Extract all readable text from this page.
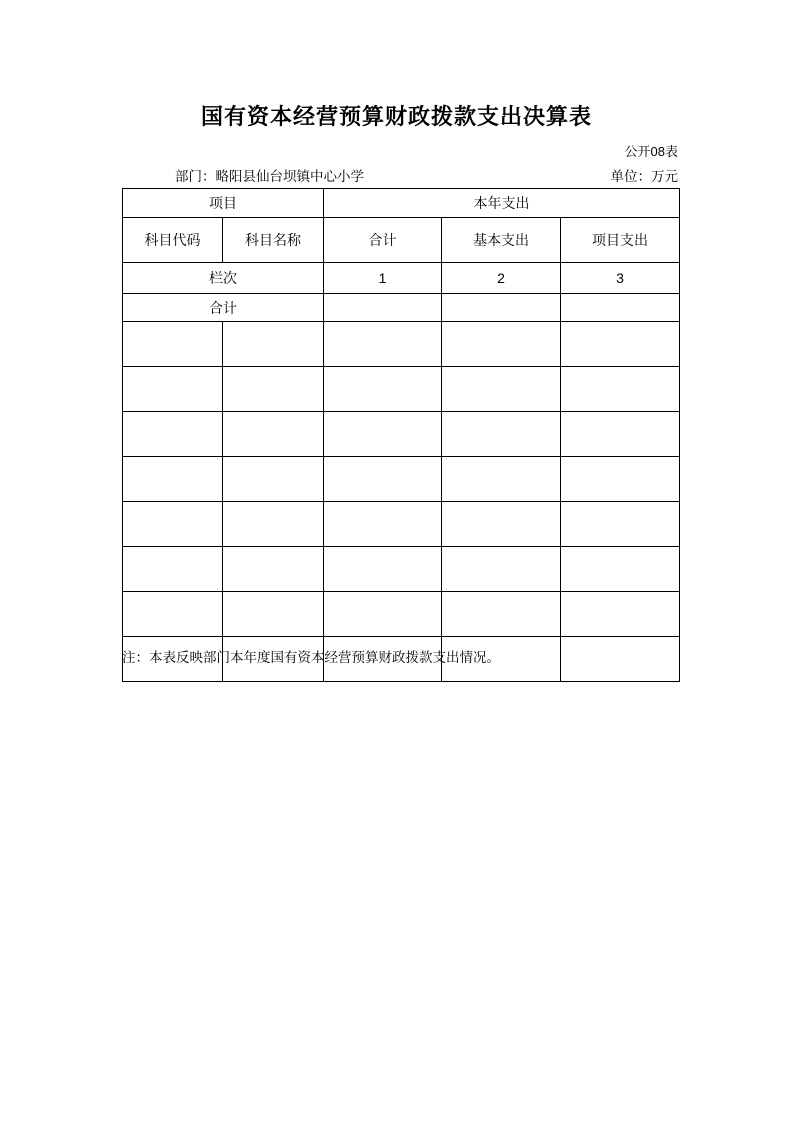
国有资本经营预算财政拨款支出决算表
公开08表
部门：略阳县仙台坝镇中心小学	单位：万元
项目		本年支出		
科目代码	科目名称	合计	基本支出	项目支出
栏次		1	2	3
合计				

注：本表反映部门本年度国有资本经营预算财政拨款支出情况。
